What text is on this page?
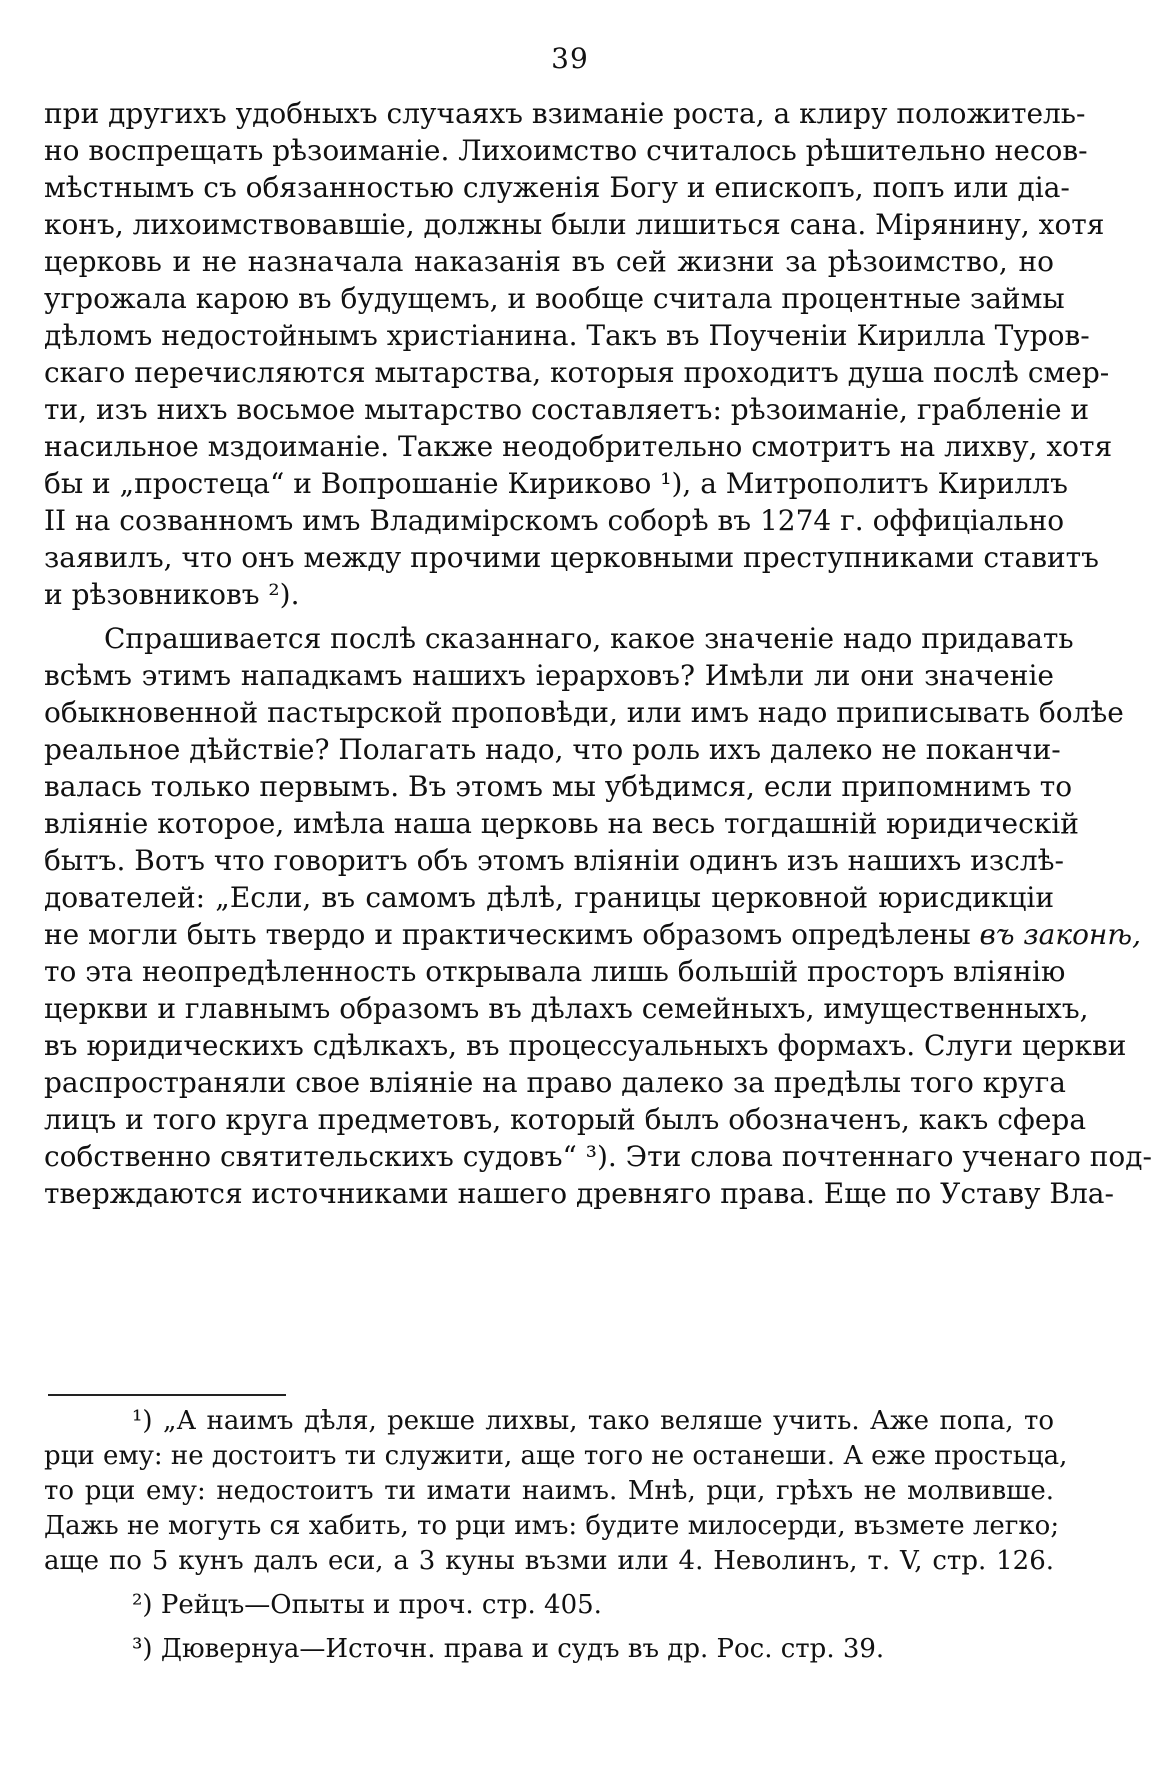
39

при другихъ удобныхъ случаяхъ взиманіе роста, а клиру положитель-

но воспрещать рѣзоиманіе. Лихоимство считалось рѣшительно несов-

мѣстнымъ съ обязанностью служенія Богу и епископъ, попъ или діа-

конъ, лихоимствовавшіе, должны были лишиться сана. Мірянину, хотя

церковь и не назначала наказанія въ сей жизни за рѣзоимство, но

угрожала карою въ будущемъ, и вообще считала процентные займы

дѣломъ недостойнымъ христіанина. Такъ въ Поученіи Кирилла Туров-

скаго перечисляются мытарства, которыя проходитъ душа послѣ смер-

ти, изъ нихъ восьмое мытарство составляетъ: рѣзоиманіе, грабленіе и

насильное мздоиманіе. Также неодобрительно смотритъ на лихву, хотя

бы и „простеца“ и Вопрошаніе Кириково ¹), а Митрополитъ Кириллъ

II на созванномъ имъ Владимірскомъ соборѣ въ 1274 г. оффиціально

заявилъ, что онъ между прочими церковными преступниками ставитъ

и рѣзовниковъ ²).

Спрашивается послѣ сказаннаго, какое значеніе надо придавать

всѣмъ этимъ нападкамъ нашихъ іерарховъ? Имѣли ли они значеніе

обыкновенной пастырской проповѣди, или имъ надо приписывать болѣе

реальное дѣйствіе? Полагать надо, что роль ихъ далеко не поканчи-

валась только первымъ. Въ этомъ мы убѣдимся, если припомнимъ то

вліяніе которое, имѣла наша церковь на весь тогдашній юридическій

бытъ. Вотъ что говоритъ объ этомъ вліяніи одинъ изъ нашихъ изслѣ-

дователей: „Если, въ самомъ дѣлѣ, границы церковной юрисдикціи

не могли быть твердо и практическимъ образомъ опредѣлены въ законѣ,

то эта неопредѣленность открывала лишь большій просторъ вліянію

церкви и главнымъ образомъ въ дѣлахъ семейныхъ, имущественныхъ,

въ юридическихъ сдѣлкахъ, въ процессуальныхъ формахъ. Слуги церкви

распространяли свое вліяніе на право далеко за предѣлы того круга

лицъ и того круга предметовъ, который былъ обозначенъ, какъ сфера

собственно святительскихъ судовъ“ ³). Эти слова почтеннаго ученаго под-

тверждаются источниками нашего древняго права. Еще по Уставу Вла-

¹) „А наимъ дѣля, рекше лихвы, тако веляше учить. Аже попа, то

рци ему: не достоитъ ти служити, аще того не останеши. А еже простьца,

то рци ему: недостоитъ ти имати наимъ. Мнѣ, рци, грѣхъ не молвивше.

Дажь не могуть ся хабить, то рци имъ: будите милосерди, възмете легко;

аще по 5 кунъ далъ еси, а 3 куны възми или 4. Неволинъ, т. V, стр. 126.

²) Рейцъ—Опыты и проч. стр. 405.

³) Дювернуа—Источн. права и судъ въ др. Рос. стр. 39.
